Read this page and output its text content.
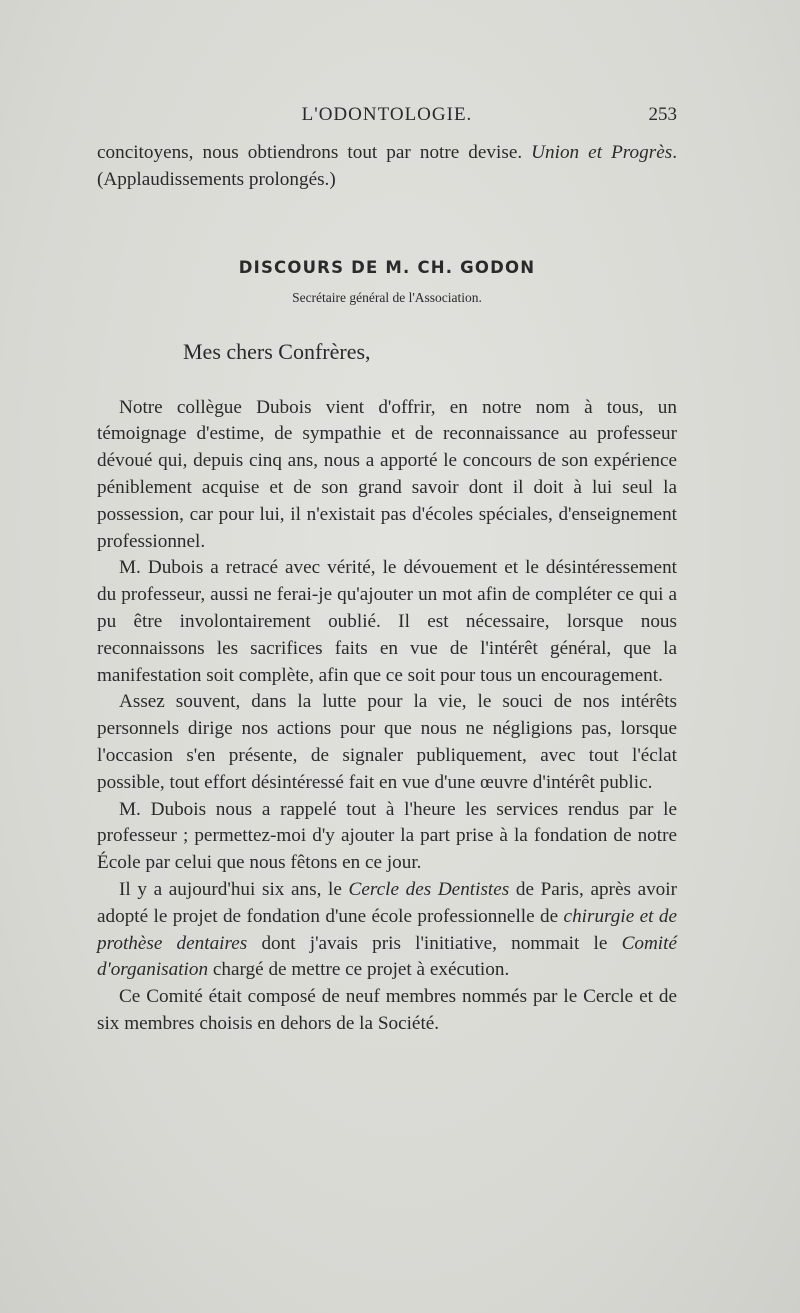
L'ODONTOLOGIE.	253

concitoyens, nous obtiendrons tout par notre devise. Union et Progrès. (Applaudissements prolongés.)

DISCOURS DE M. CH. GODON

Secrétaire général de l'Association.

Mes chers Confrères,

Notre collègue Dubois vient d'offrir, en notre nom à tous, un témoignage d'estime, de sympathie et de reconnaissance au professeur dévoué qui, depuis cinq ans, nous a apporté le concours de son expérience péniblement acquise et de son grand savoir dont il doit à lui seul la possession, car pour lui, il n'existait pas d'écoles spéciales, d'enseignement professionnel.

M. Dubois a retracé avec vérité, le dévouement et le désintéressement du professeur, aussi ne ferai-je qu'ajouter un mot afin de compléter ce qui a pu être involontairement oublié. Il est nécessaire, lorsque nous reconnaissons les sacrifices faits en vue de l'intérêt général, que la manifestation soit complète, afin que ce soit pour tous un encouragement.

Assez souvent, dans la lutte pour la vie, le souci de nos intérêts personnels dirige nos actions pour que nous ne négligions pas, lorsque l'occasion s'en présente, de signaler publiquement, avec tout l'éclat possible, tout effort désintéressé fait en vue d'une œuvre d'intérêt public.

M. Dubois nous a rappelé tout à l'heure les services rendus par le professeur ; permettez-moi d'y ajouter la part prise à la fondation de notre École par celui que nous fêtons en ce jour.

Il y a aujourd'hui six ans, le Cercle des Dentistes de Paris, après avoir adopté le projet de fondation d'une école professionnelle de chirurgie et de prothèse dentaires dont j'avais pris l'initiative, nommait le Comité d'organisation chargé de mettre ce projet à exécution.

Ce Comité était composé de neuf membres nommés par le Cercle et de six membres choisis en dehors de la Société.
